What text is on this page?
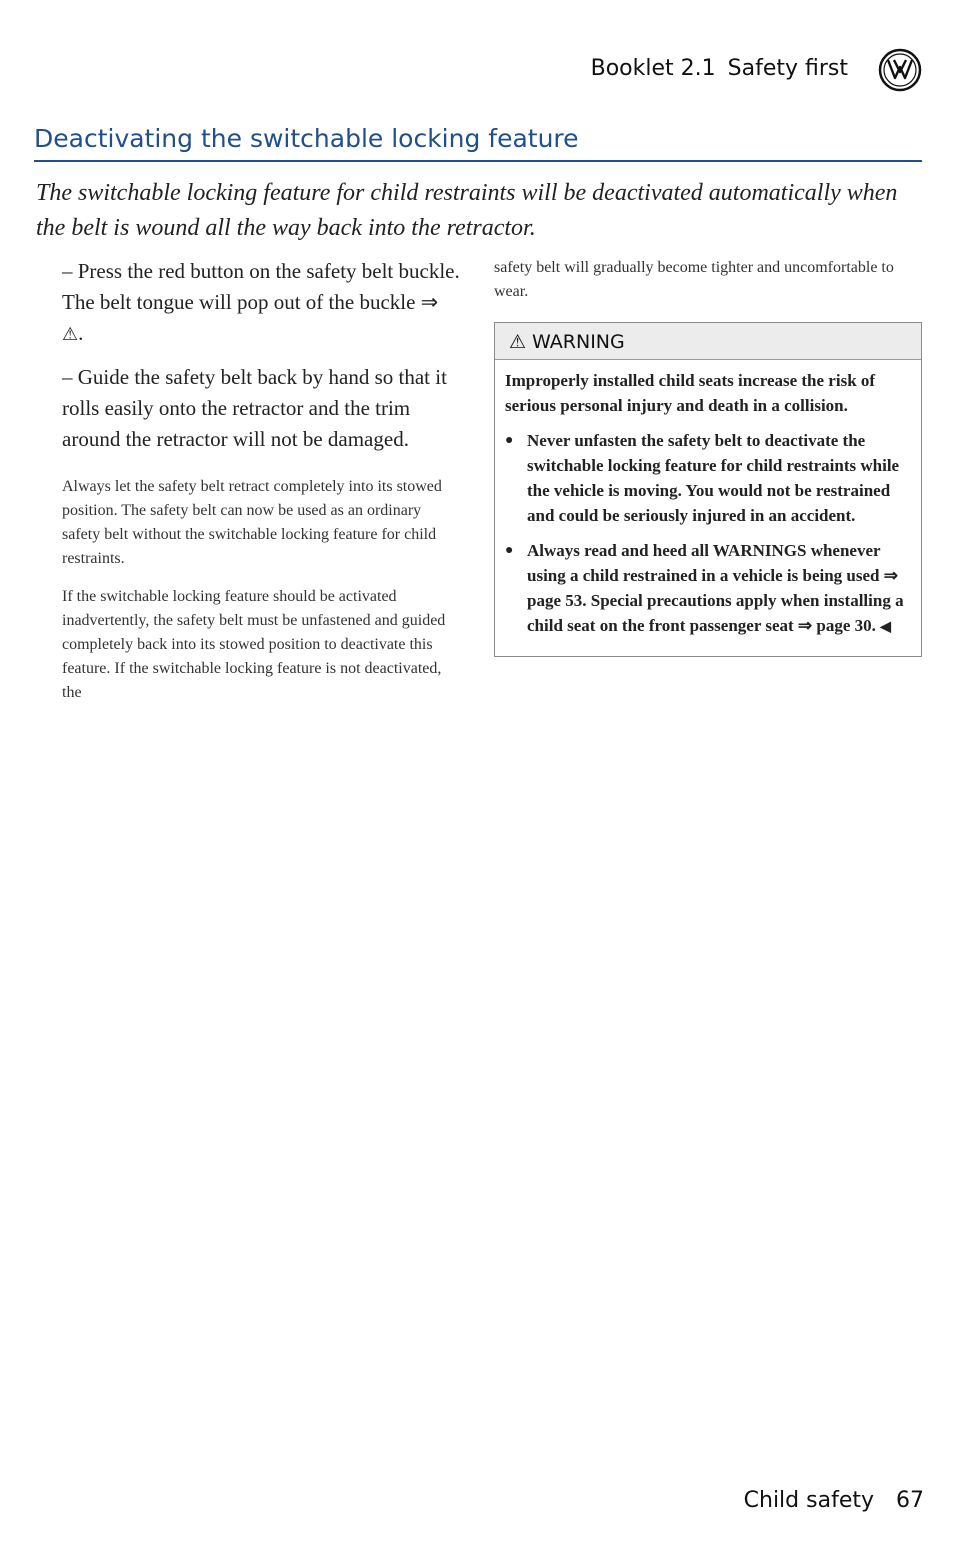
Booklet 2.1 Safety first
Deactivating the switchable locking feature

The switchable locking feature for child restraints will be deactivated automatically when the belt is wound all the way back into the retractor.

– Press the red button on the safety belt buckle. The belt tongue will pop out of the buckle ⇒ ⚠.

– Guide the safety belt back by hand so that it rolls easily onto the retractor and the trim around the retractor will not be damaged.

Always let the safety belt retract completely into its stowed position. The safety belt can now be used as an ordinary safety belt without the switchable locking feature for child restraints.

If the switchable locking feature should be activated inadvertently, the safety belt must be unfastened and guided completely back into its stowed position to deactivate this feature. If the switchable locking feature is not deactivated, the

safety belt will gradually become tighter and uncomfortable to wear.

⚠ WARNING

Improperly installed child seats increase the risk of serious personal injury and death in a collision.

● Never unfasten the safety belt to deactivate the switchable locking feature for child restraints while the vehicle is moving. You would not be restrained and could be seriously injured in an accident.
● Always read and heed all WARNINGS whenever using a child restrained in a vehicle is being used ⇒ page 53. Special precautions apply when installing a child seat on the front passenger seat ⇒ page 30. ◀
Child safety 67
